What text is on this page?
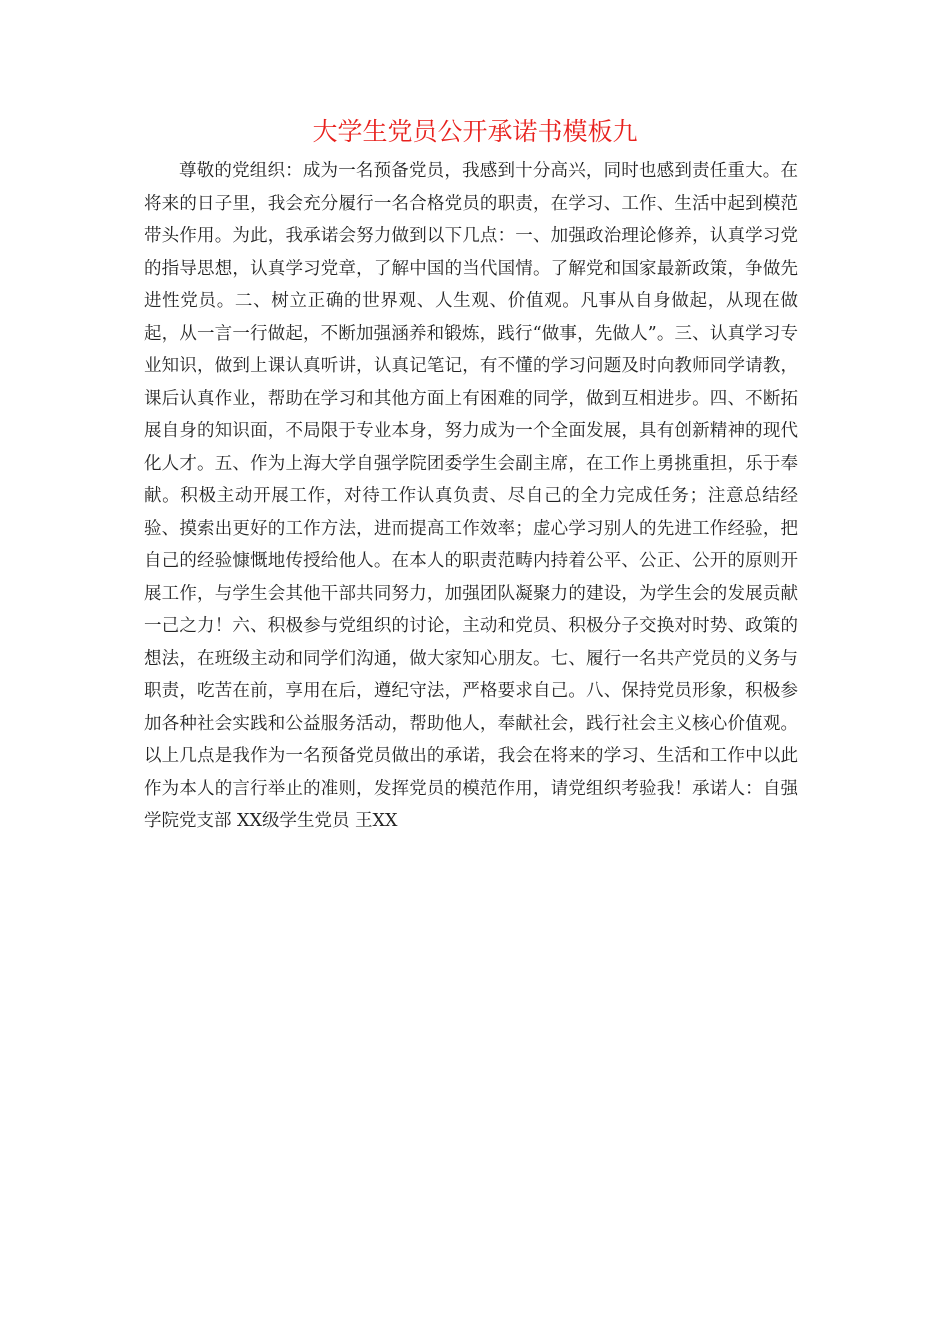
大学生党员公开承诺书模板九

尊敬的党组织：成为一名预备党员，我感到十分高兴，同时也感到责任重大。在将来的日子里，我会充分履行一名合格党员的职责，在学习、工作、生活中起到模范带头作用。为此，我承诺会努力做到以下几点：一、加强政治理论修养，认真学习党的指导思想，认真学习党章，了解中国的当代国情。了解党和国家最新政策，争做先进性党员。二、树立正确的世界观、人生观、价值观。凡事从自身做起，从现在做起，从一言一行做起，不断加强涵养和锻炼，践行“做事，先做人”。三、认真学习专业知识，做到上课认真听讲，认真记笔记，有不懂的学习问题及时向教师同学请教，课后认真作业，帮助在学习和其他方面上有困难的同学，做到互相进步。四、不断拓展自身的知识面，不局限于专业本身，努力成为一个全面发展，具有创新精神的现代化人才。五、作为上海大学自强学院团委学生会副主席，在工作上勇挑重担，乐于奉献。积极主动开展工作，对待工作认真负责、尽自己的全力完成任务；注意总结经验、摸索出更好的工作方法，进而提高工作效率；虚心学习别人的先进工作经验，把自己的经验慷慨地传授给他人。在本人的职责范畴内持着公平、公正、公开的原则开展工作，与学生会其他干部共同努力，加强团队凝聚力的建设，为学生会的发展贡献一己之力！六、积极参与党组织的讨论，主动和党员、积极分子交换对时势、政策的想法，在班级主动和同学们沟通，做大家知心朋友。七、履行一名共产党员的义务与职责，吃苦在前，享用在后，遵纪守法，严格要求自己。八、保持党员形象，积极参加各种社会实践和公益服务活动，帮助他人，奉献社会，践行社会主义核心价值观。以上几点是我作为一名预备党员做出的承诺，我会在将来的学习、生活和工作中以此作为本人的言行举止的准则，发挥党员的模范作用，请党组织考验我！承诺人：自强学院党支部 XX级学生党员 王XX
